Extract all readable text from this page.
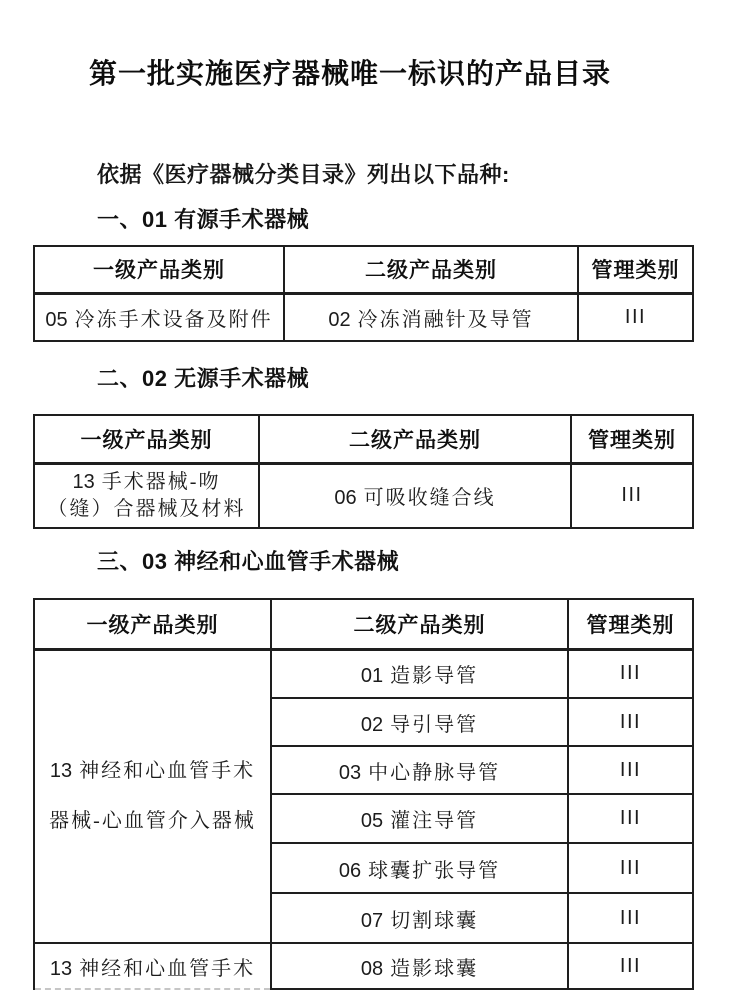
第一批实施医疗器械唯一标识的产品目录
依据《医疗器械分类目录》列出以下品种:
一、01 有源手术器械
一级产品类别	二级产品类别	管理类别
05 冷冻手术设备及附件	02 冷冻消融针及导管	III
二、02 无源手术器械
一级产品类别	二级产品类别	管理类别

13 手术器械-吻（缝）合器械及材料	06 可吸收缝合线	III
三、03 神经和心血管手术器械
一级产品类别	二级产品类别	管理类别

13 神经和心血管手术
器械-心血管介入器械	01 造影导管	III
	02 导引导管	III
	03 中心静脉导管	III
	05 灌注导管	III
	06 球囊扩张导管	III
	07 切割球囊	III
13 神经和心血管手术	08 造影球囊	III
